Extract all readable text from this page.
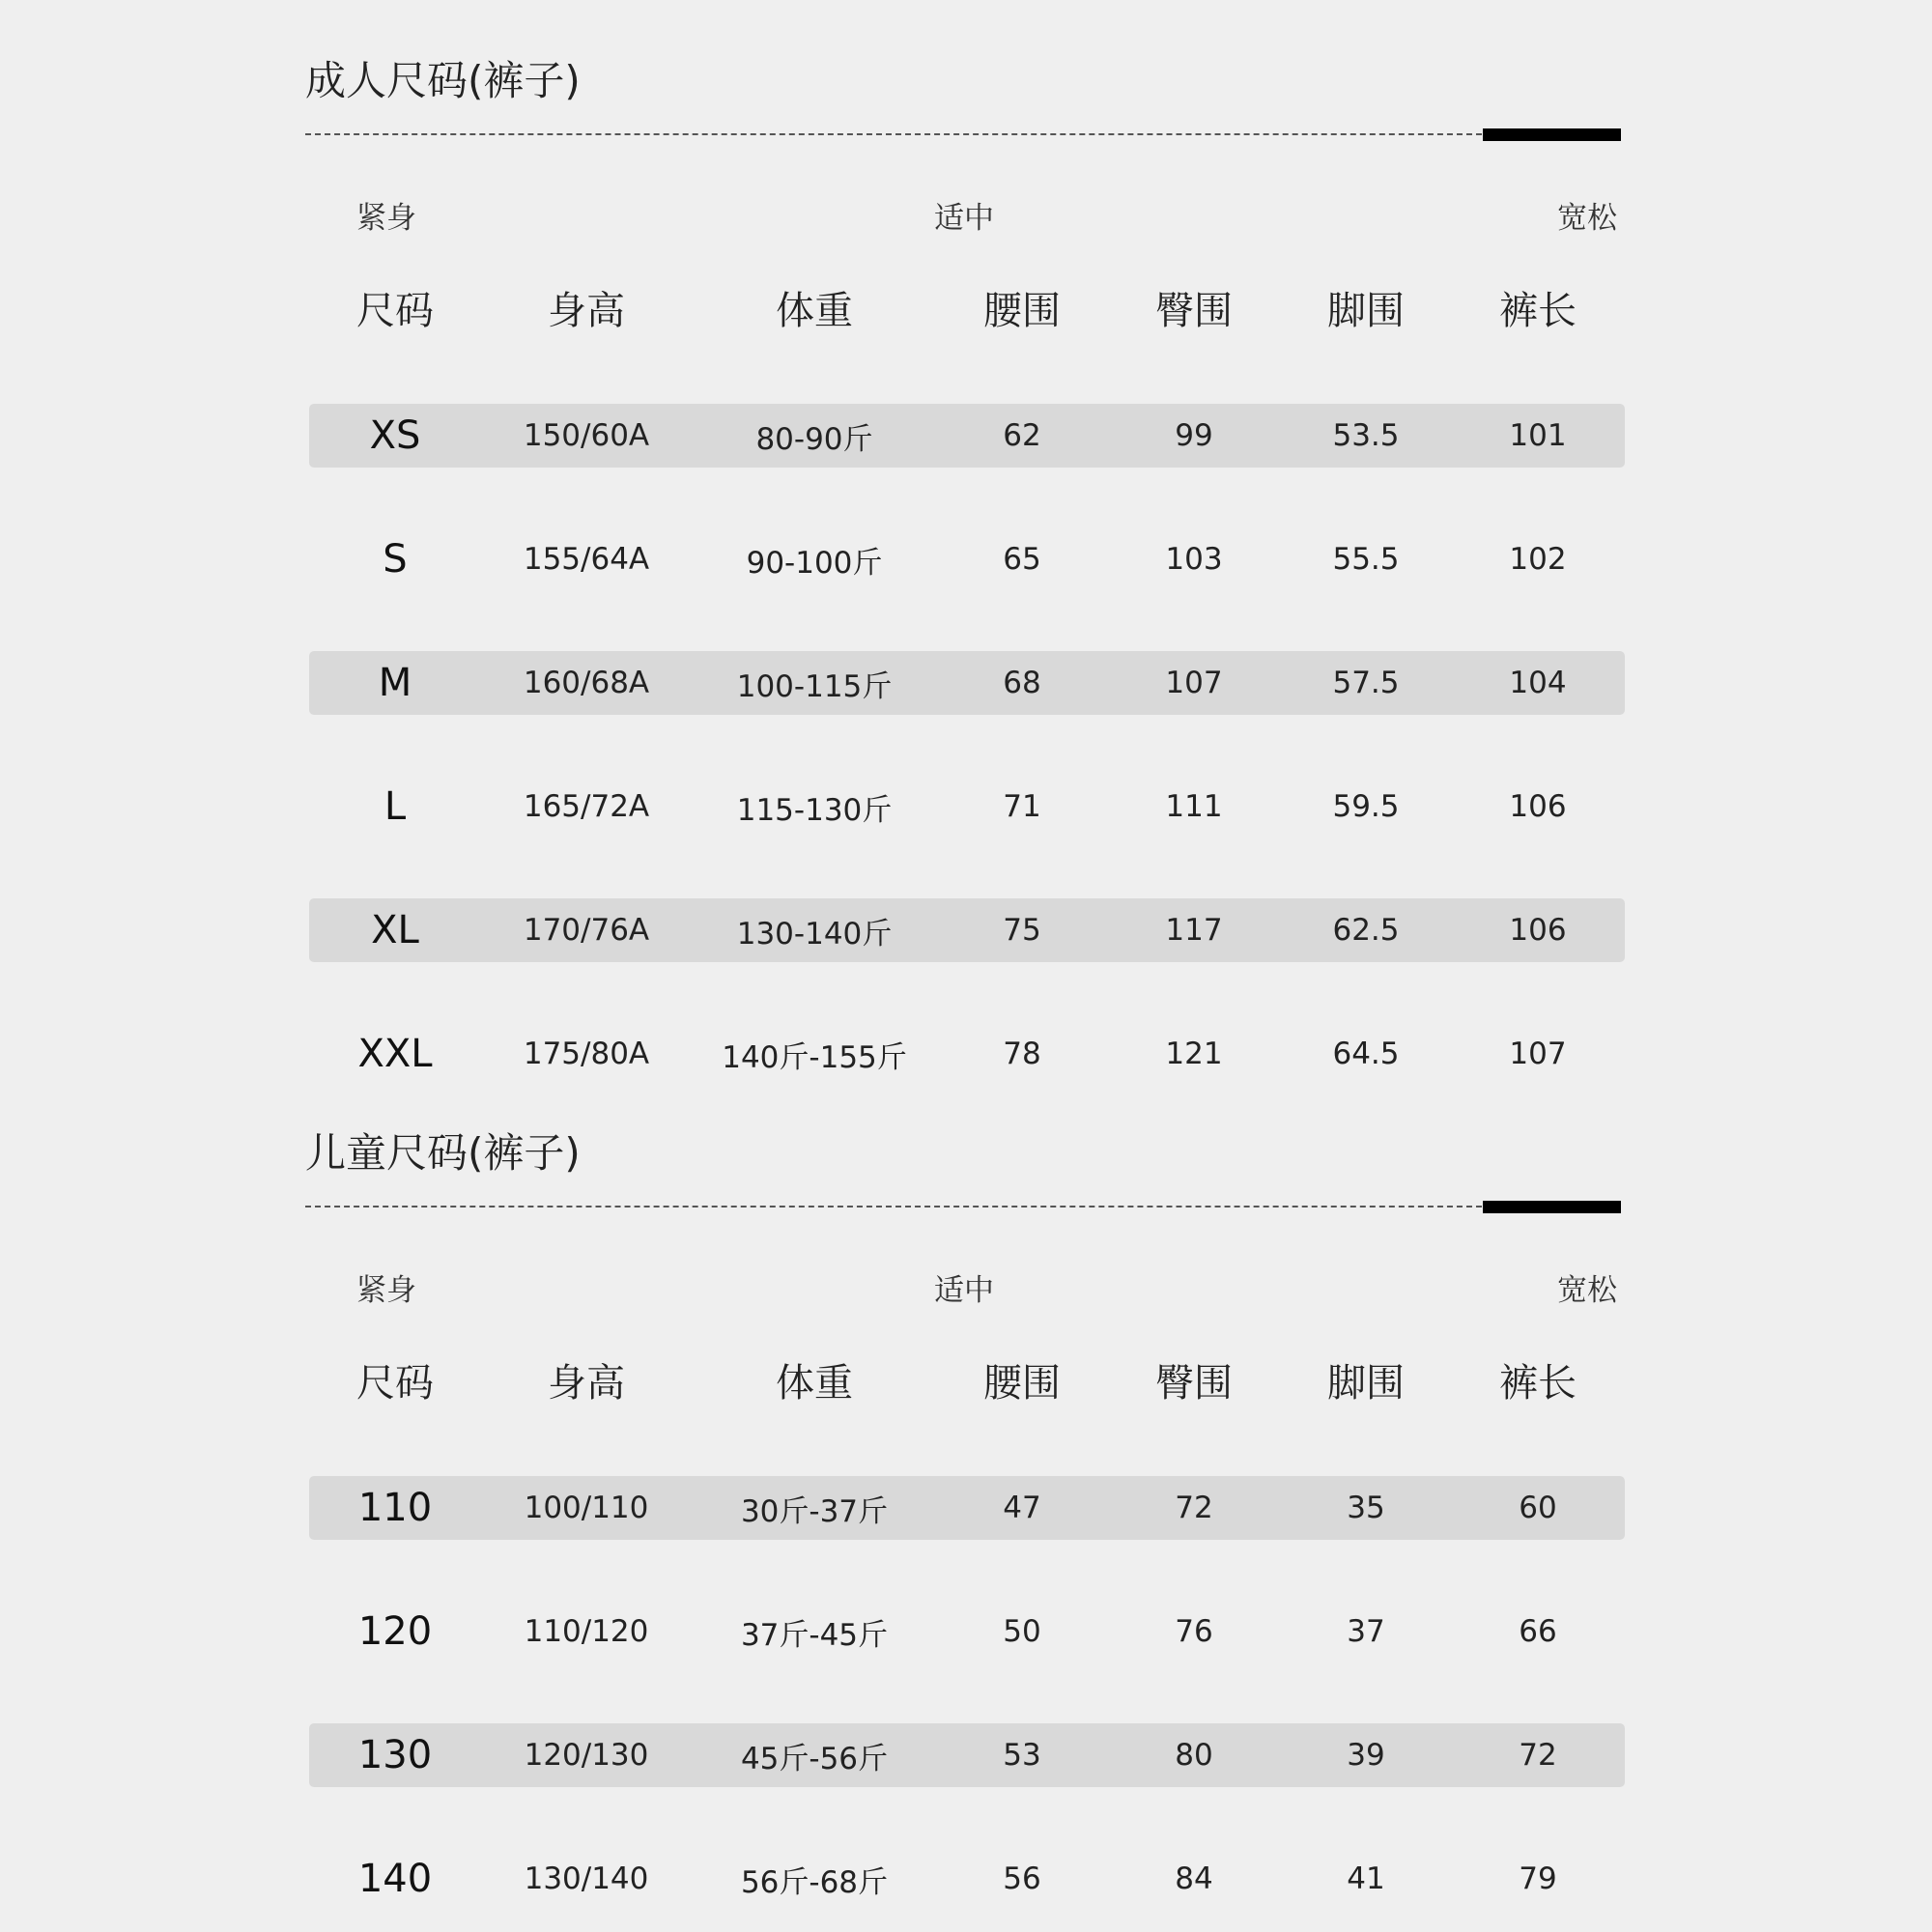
成人尺码(裤子)
紧身	适中	宽松
尺码	身高	体重	腰围	臀围	脚围	裤长
XS	150/60A	80-90斤	62	99	53.5	101
S	155/64A	90-100斤	65	103	55.5	102
M	160/68A	100-115斤	68	107	57.5	104
L	165/72A	115-130斤	71	111	59.5	106
XL	170/76A	130-140斤	75	117	62.5	106
XXL	175/80A	140斤-155斤	78	121	64.5	107
儿童尺码(裤子)
紧身	适中	宽松
尺码	身高	体重	腰围	臀围	脚围	裤长
110	100/110	30斤-37斤	47	72	35	60
120	110/120	37斤-45斤	50	76	37	66
130	120/130	45斤-56斤	53	80	39	72
140	130/140	56斤-68斤	56	84	41	79
